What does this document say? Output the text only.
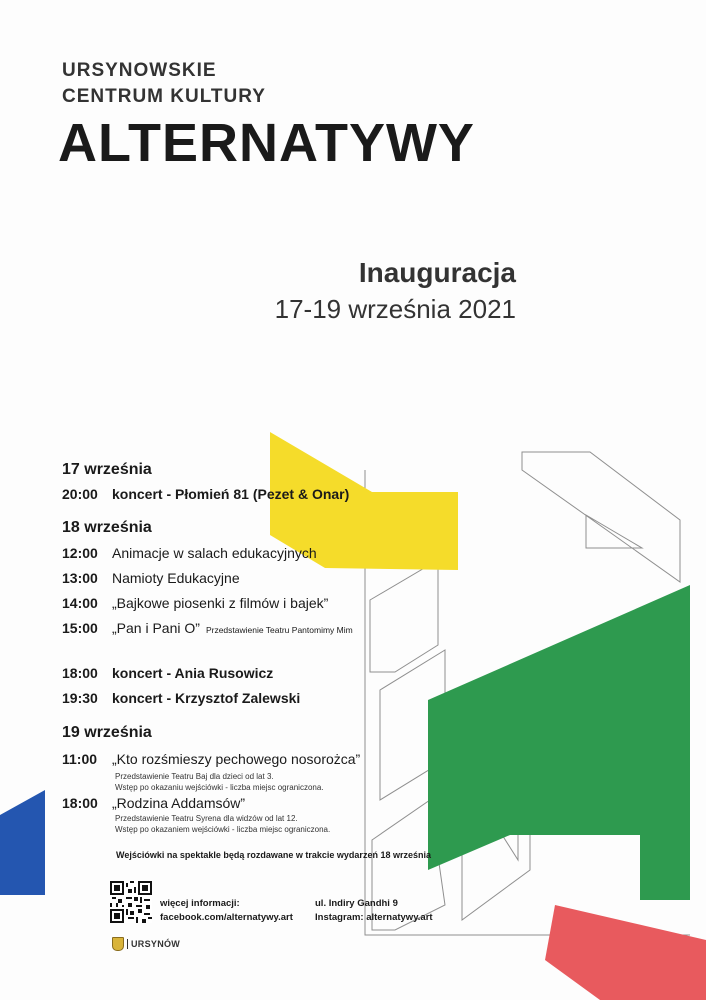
URSYNOWSKIE
CENTRUM KULTURY
ALTERNATYWY
Inauguracja
17-19 września 2021
17 września
20:00 koncert - Płomień 81 (Pezet & Onar)
18 września
12:00 Animacje w salach edukacyjnych
13:00 Namioty Edukacyjne
14:00 „Bajkowe piosenki z filmów i bajek”
15:00 „Pan i Pani O” Przedstawienie Teatru Pantomimy Mim
18:00 koncert - Ania Rusowicz
19:30 koncert - Krzysztof Zalewski
19 września
11:00 „Kto rozśmieszy pechowego nosorożca”
Przedstawienie Teatru Baj dla dzieci od lat 3.
Wstęp po okazaniu wejściówki - liczba miejsc ograniczona.
18:00 „Rodzina Addamsów”
Przedstawienie Teatru Syrena dla widzów od lat 12.
Wstęp po okazaniem wejściówki - liczba miejsc ograniczona.
Wejściówki na spektakle będą rozdawane w trakcie wydarzeń 18 września
więcej informacji:
facebook.com/alternatywy.art
ul. Indiry Gandhi 9
Instagram: alternatywy.art
URSYNÓW
